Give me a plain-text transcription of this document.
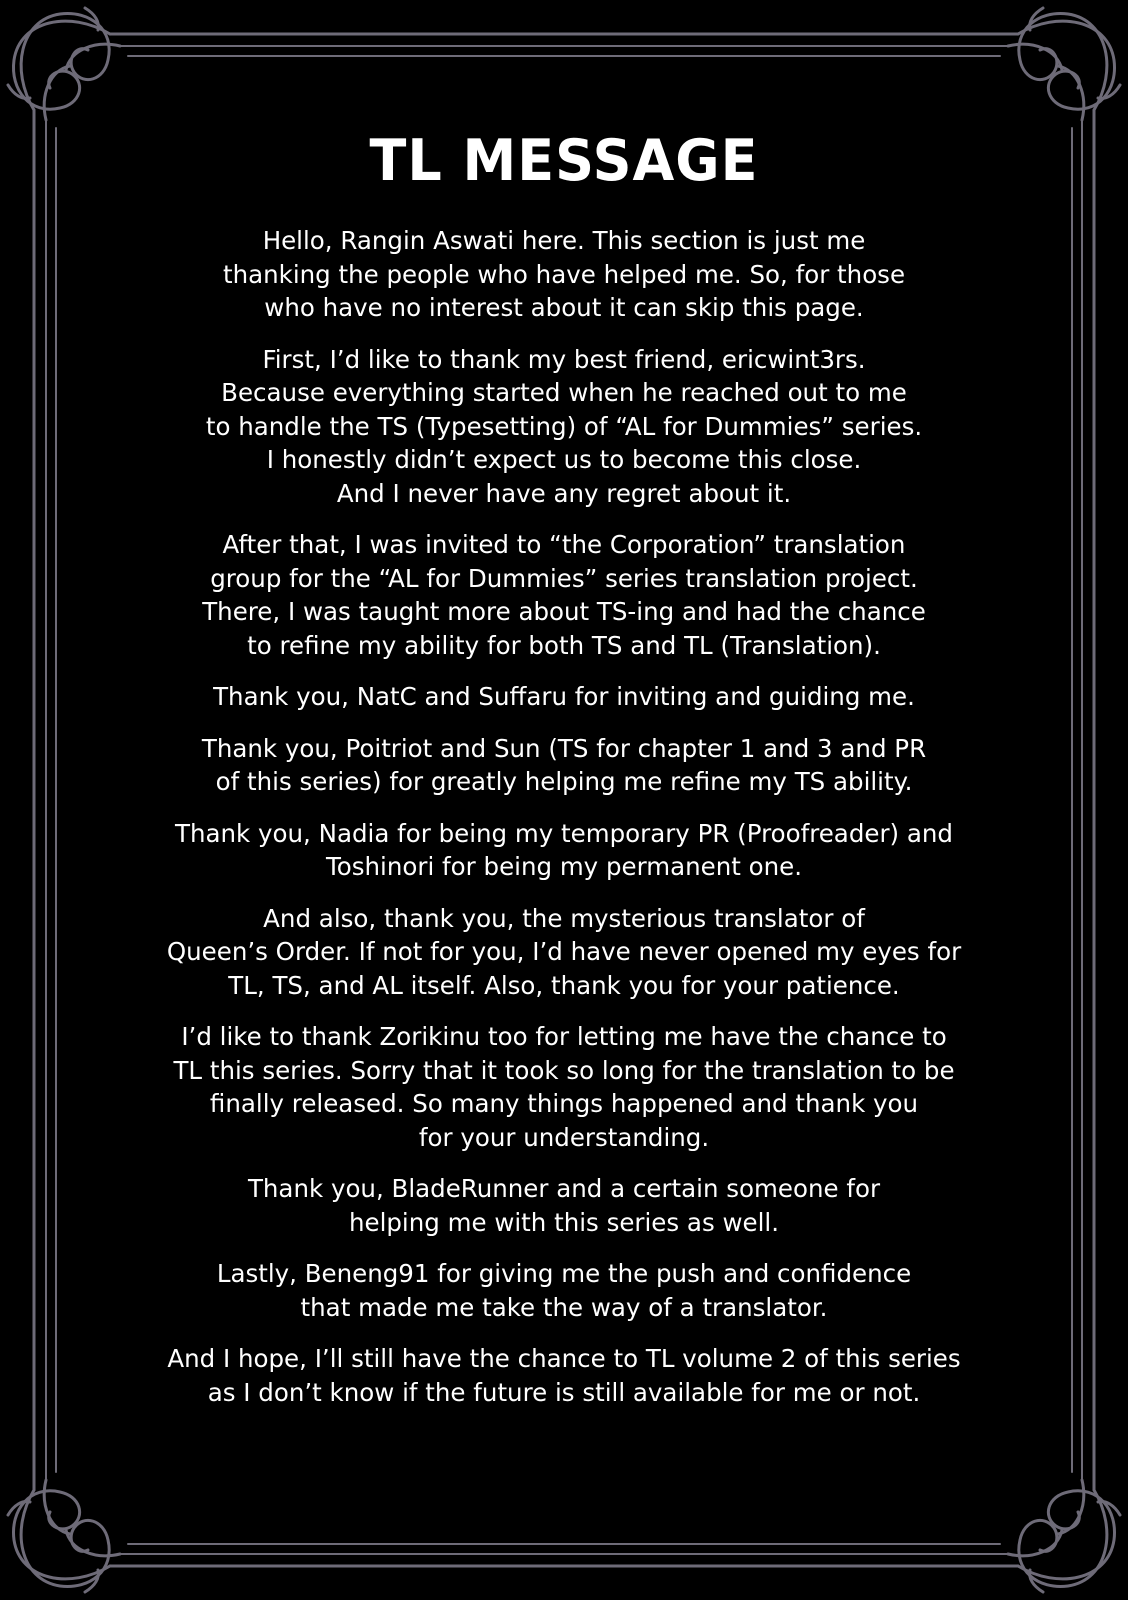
TL MESSAGE

Hello, Rangin Aswati here. This section is just me
thanking the people who have helped me. So, for those
who have no interest about it can skip this page.

First, I’d like to thank my best friend, ericwint3rs.
Because everything started when he reached out to me
to handle the TS (Typesetting) of “AL for Dummies” series.
I honestly didn’t expect us to become this close.
And I never have any regret about it.

After that, I was invited to “the Corporation” translation
group for the “AL for Dummies” series translation project.
There, I was taught more about TS-ing and had the chance
to refine my ability for both TS and TL (Translation).

Thank you, NatC and Suffaru for inviting and guiding me.

Thank you, Poitriot and Sun (TS for chapter 1 and 3 and PR
of this series) for greatly helping me refine my TS ability.

Thank you, Nadia for being my temporary PR (Proofreader) and
Toshinori for being my permanent one.

And also, thank you, the mysterious translator of
Queen’s Order. If not for you, I’d have never opened my eyes for
TL, TS, and AL itself. Also, thank you for your patience.

I’d like to thank Zorikinu too for letting me have the chance to
TL this series. Sorry that it took so long for the translation to be
finally released. So many things happened and thank you
for your understanding.

Thank you, BladeRunner and a certain someone for
helping me with this series as well.

Lastly, Beneng91 for giving me the push and confidence
that made me take the way of a translator.

And I hope, I’ll still have the chance to TL volume 2 of this series
as I don’t know if the future is still available for me or not.
